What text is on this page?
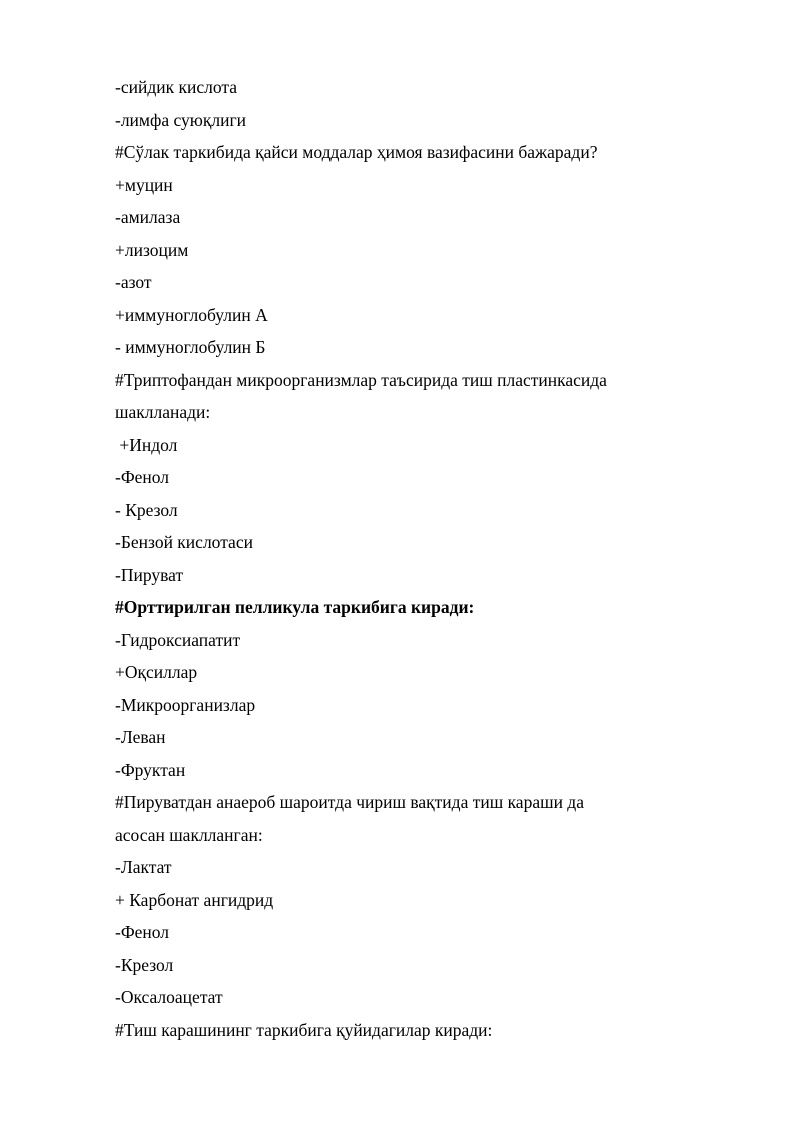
-сийдик кислота
-лимфа суюқлиги
#Сўлак таркибида қайси моддалар ҳимоя вазифасини бажаради?
+муцин
-амилаза
+лизоцим
-азот
+иммуноглобулин А
- иммуноглобулин Б
#Триптофандан микроорганизмлар таъсирида тиш пластинкасида
шаклланади:
+Индол
-Фенол
- Крезол
-Бензой кислотаси
-Пируват
#Орттирилган пелликула таркибига киради:
-Гидроксиапатит
+Оқсиллар
-Микроорганизлар
-Леван
-Фруктан
#Пируватдан анаероб шароитда чириш вақтида тиш караши да
асосан шаклланган:
-Лактат
+ Карбонат ангидрид
-Фенол
-Крезол
-Оксалоацетат
#Тиш карашининг таркибига қуйидагилар киради:
